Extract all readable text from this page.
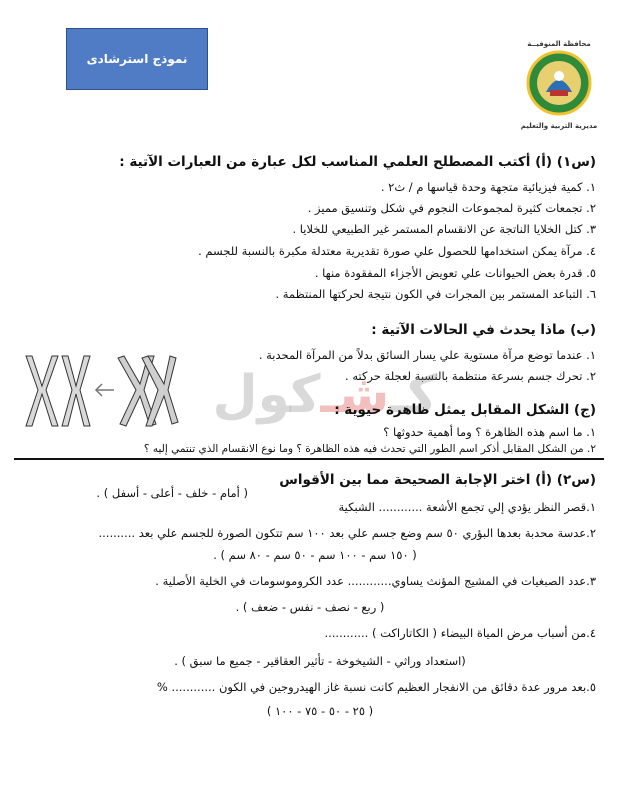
نموذج استرشادى
محافظة المنوفيــة
مديرية التربية والتعليم
(س١) (أ) أكتب المصطلح العلمي المناسب لكل عبارة من العبارات الآتية :
١. كمية فيزيائية متجهة وحدة قياسها م / ث٢ .
٢. تجمعات كثيرة لمجموعات النجوم في شكل وتنسيق مميز .
٣. كتل الخلايا الناتجة عن الانقسام المستمر غير الطبيعي للخلايا .
٤. مرآة يمكن استخدامها للحصول علي صورة تقديرية معتدلة مكبرة بالنسبة للجسم .
٥. قدرة بعض الحيوانات علي تعويض الأجزاء المفقودة منها .
٦. التباعد المستمر بين المجرات في الكون نتيجة لحركتها المنتظمة .
(ب) ماذا يحدث في الحالات الآتية :
١. عندما توضع مرآة مستوية علي يسار السائق بدلاً من المرآة المحدبة .
٢. تحرك جسم بسرعة منتظمة بالنسبة لعجلة حركته .
كـ
شـ
كول (ج) الشكل المقابل يمثل ظاهرة حيوية :
١. ما اسم هذه الظاهرة ؟ وما أهمية حدوثها ؟
٢. من الشكل المقابل أذكر اسم الطور التي تحدث فيه هذه الظاهرة ؟ وما نوع الانقسام الذي تنتمي إليه ؟
(س٢) (أ) اختر الإجابة الصحيحة مما بين الأقواس
١.قصر النظر يؤدي إلي تجمع الأشعة ............ الشبكية
( أمام - خلف - أعلى - أسفل ) .
٢.عدسة محدبة بعدها البؤري ٥٠ سم وضع جسم علي بعد ١٠٠ سم تتكون الصورة للجسم علي بعد ..........
( ١٥٠ سم - ١٠٠ سم - ٥٠ سم - ٨٠ سم ) .
٣.عدد الصبغيات في المشيج المؤنث يساوي............ عدد الكروموسومات في الخلية الأصلية .
( ربع - نصف - نفس - ضعف ) .
٤.من أسباب مرض المياة البيضاء ( الكاتاراكت ) ............
(استعداد وراثي - الشيخوخة - تأثير العقاقير - جميع ما سبق ) .
٥.بعد مرور عدة دقائق من الانفجار العظيم كانت نسبة غاز الهيدروجين في الكون ............ %
( ٢٥ - ٥٠ - ٧٥ - ١٠٠ )
